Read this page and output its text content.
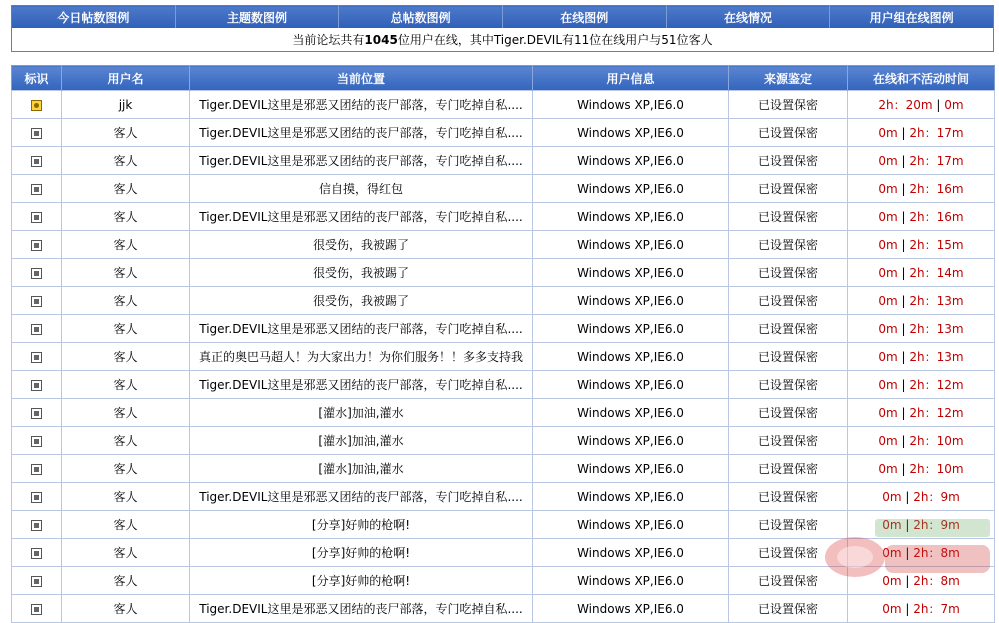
今日帖数图例	主题数图例	总帖数图例	在线图例	在线情况	用户组在线图例
当前论坛共有1045位用户在线，其中Tiger.DEVIL有11位在线用户与51位客人
标识	用户名	当前位置	用户信息	来源鉴定	在线和不活动时间
	jjk	Tiger.DEVIL这里是邪恶又团结的丧尸部落，专门吃掉自私....	Windows XP,IE6.0	已设置保密	2h：20m | 0m
	客人	Tiger.DEVIL这里是邪恶又团结的丧尸部落，专门吃掉自私....	Windows XP,IE6.0	已设置保密	0m | 2h：17m
	客人	Tiger.DEVIL这里是邪恶又团结的丧尸部落，专门吃掉自私....	Windows XP,IE6.0	已设置保密	0m | 2h：17m
	客人	信自摸，得红包	Windows XP,IE6.0	已设置保密	0m | 2h：16m
	客人	Tiger.DEVIL这里是邪恶又团结的丧尸部落，专门吃掉自私....	Windows XP,IE6.0	已设置保密	0m | 2h：16m
	客人	很受伤，我被踢了	Windows XP,IE6.0	已设置保密	0m | 2h：15m
	客人	很受伤，我被踢了	Windows XP,IE6.0	已设置保密	0m | 2h：14m
	客人	很受伤，我被踢了	Windows XP,IE6.0	已设置保密	0m | 2h：13m
	客人	Tiger.DEVIL这里是邪恶又团结的丧尸部落，专门吃掉自私....	Windows XP,IE6.0	已设置保密	0m | 2h：13m
	客人	真正的奥巴马超人！为大家出力！为你们服务！！多多支持我	Windows XP,IE6.0	已设置保密	0m | 2h：13m
	客人	Tiger.DEVIL这里是邪恶又团结的丧尸部落，专门吃掉自私....	Windows XP,IE6.0	已设置保密	0m | 2h：12m
	客人	[灌水]加油,灌水	Windows XP,IE6.0	已设置保密	0m | 2h：12m
	客人	[灌水]加油,灌水	Windows XP,IE6.0	已设置保密	0m | 2h：10m
	客人	[灌水]加油,灌水	Windows XP,IE6.0	已设置保密	0m | 2h：10m
	客人	Tiger.DEVIL这里是邪恶又团结的丧尸部落，专门吃掉自私....	Windows XP,IE6.0	已设置保密	0m | 2h：9m
	客人	[分享]好帅的枪啊!	Windows XP,IE6.0	已设置保密	0m | 2h：9m
	客人	[分享]好帅的枪啊!	Windows XP,IE6.0	已设置保密	0m | 2h：8m
	客人	[分享]好帅的枪啊!	Windows XP,IE6.0	已设置保密	0m | 2h：8m
	客人	Tiger.DEVIL这里是邪恶又团结的丧尸部落，专门吃掉自私....	Windows XP,IE6.0	已设置保密	0m | 2h：7m
